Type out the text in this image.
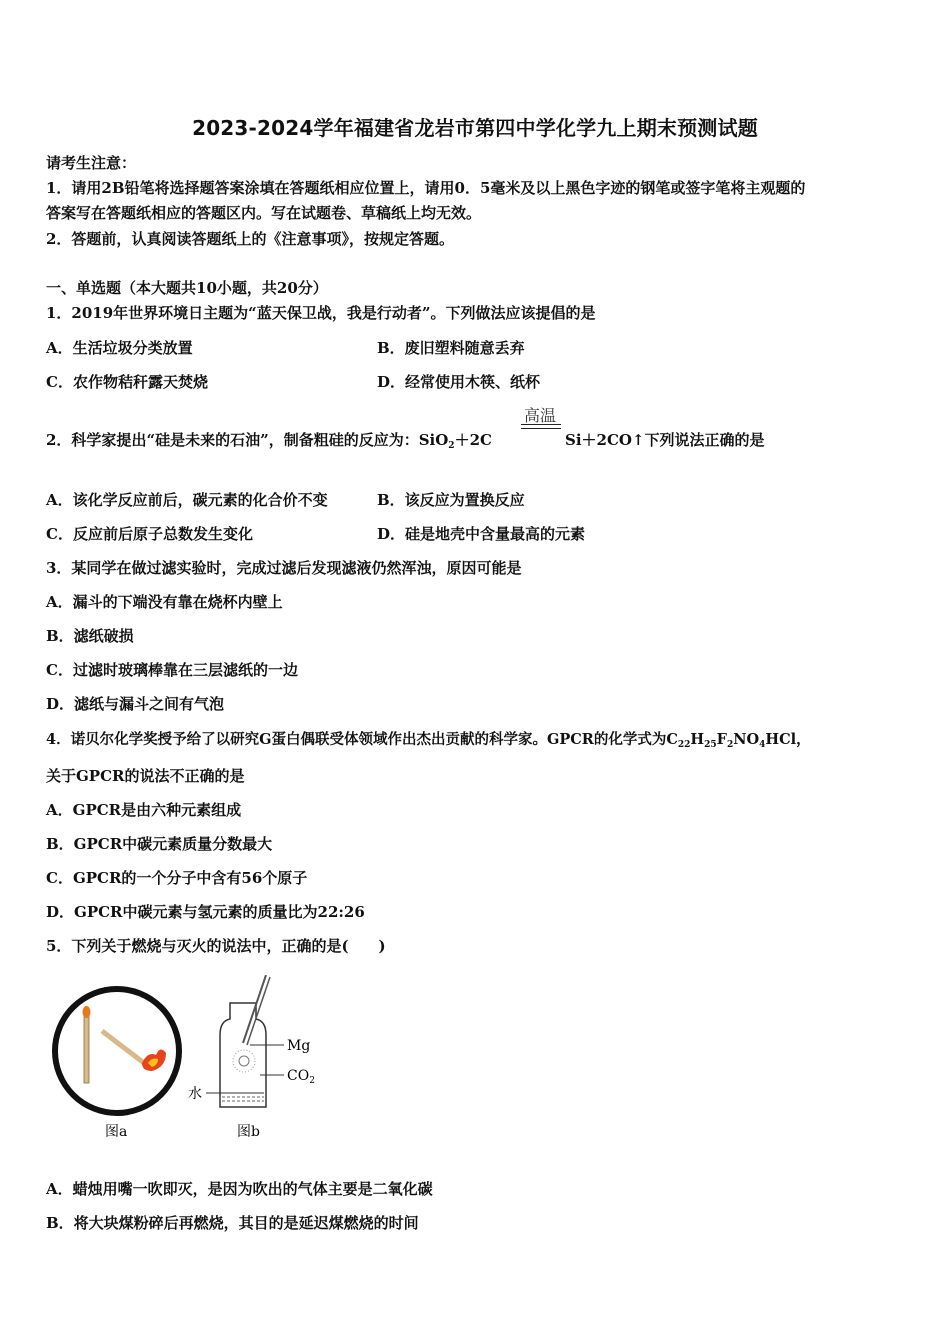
2023-2024学年福建省龙岩市第四中学化学九上期末预测试题
请考生注意：
1．请用2B铅笔将选择题答案涂填在答题纸相应位置上，请用0．5毫米及以上黑色字迹的钢笔或签字笔将主观题的
答案写在答题纸相应的答题区内。写在试题卷、草稿纸上均无效。
2．答题前，认真阅读答题纸上的《注意事项》，按规定答题。
一、单选题（本大题共10小题，共20分）
1．2019年世界环境日主题为“蓝天保卫战，我是行动者”。下列做法应该提倡的是
A．生活垃圾分类放置	B．废旧塑料随意丢弃
C．农作物秸秆露天焚烧	D．经常使用木筷、纸杯
2．科学家提出“硅是未来的石油”，制备粗硅的反应为：SiO$_2$＋2C
高温
Si＋2CO↑下列说法正确的是
A．该化学反应前后，碳元素的化合价不变	B．该反应为置换反应
C．反应前后原子总数发生变化	D．硅是地壳中含量最高的元素
3．某同学在做过滤实验时，完成过滤后发现滤液仍然浑浊，原因可能是
A．漏斗的下端没有靠在烧杯内壁上
B．滤纸破损
C．过滤时玻璃棒靠在三层滤纸的一边
D．滤纸与漏斗之间有气泡
4．诺贝尔化学奖授予给了以研究G蛋白偶联受体领域作出杰出贡献的科学家。GPCR的化学式为$C_{22}H_{25}F_2NO_4HCl$，
关于GPCR的说法不正确的是
A．GPCR是由六种元素组成
B．GPCR中碳元素质量分数最大
C．GPCR的一个分子中含有56个原子
D．GPCR中碳元素与氢元素的质量比为22:26
5．下列关于燃烧与灭火的说法中，正确的是(　　)
图a
Mg
$CO_2$
水
图b
A．蜡烛用嘴一吹即灭，是因为吹出的气体主要是二氧化碳
B．将大块煤粉碎后再燃烧，其目的是延迟煤燃烧的时间
